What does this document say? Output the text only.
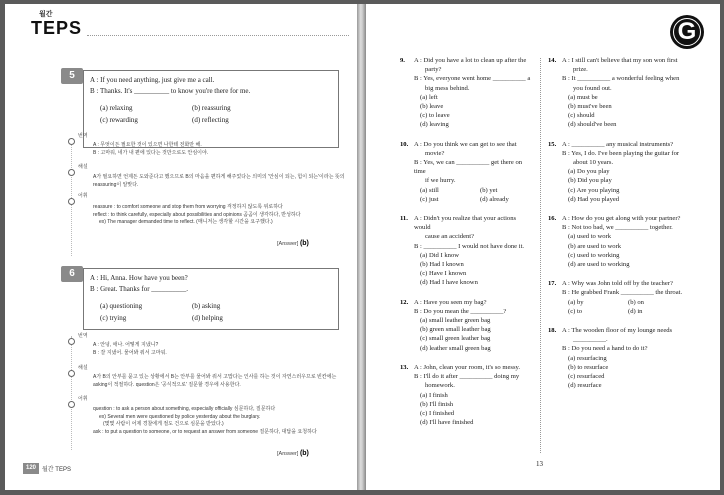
월간
TEPS
5	A : If you need anything, just give me a call.
B : Thanks. It's __________ to know you're there for me.
(a) relaxing	(b) reassuring
(c) rewarding	(d) reflecting
번역
A : 무엇이든 필요한 것이 있으면 나한테 전화만 해.
B : 고마워, 네가 내 편에 있다는 것만으로도 안심이야.
해설
A가 필요하면 언제든 도와준다고 했으므로 B의 마음을 편하게 해주었다는 의미의 '안심이 되는, 힘이 되는'이라는 뜻의
reassuring이 알맞다.
어휘
reassure : to comfort someone and stop them from worrying 걱정하지 않도록 위로하다
reflect : to think carefully, especially about possibilities and opinions 곰곰이 생각하다, 반성하다
ex) The manager demanded time to reflect. (매니저는 생각할 시간을 요구했다.)
[Answer] (b)
6	A : Hi, Anna. How have you been?
B : Great. Thanks for __________.
(a) questioning	(b) asking
(c) trying	(d) helping
번역
A : 안녕, 애나. 어떻게 지냈니?
B : 잘 지냈어. 물어봐 줘서 고마워.
해설
A가 B의 안부를 묻고 있는 상황에서 B는 안부를 물어봐 줘서 고맙다는 인사를 하는 것이 자연스러우므로 빈칸에는
asking이 적절하다. question은 '공식적으로' 질문할 경우에 사용한다.
어휘
question : to ask a person about something, especially officially 심문하다, 질문하다
ex) Several men were questioned by police yesterday about the burglary.
(몇몇 사람이 어제 경찰에게 절도 건으로 심문을 받았다.)
ask : to put a question to someone, or to request an answer from someone 질문하다, 대답을 요청하다
[Answer] (b)
120	월간 TEPS
G
9.	A : Did you have a lot to clean up after the
party?
B : Yes, everyone went home __________ a
big mess behind.
(a) left
(b) leave
(c) to leave
(d) leaving
10. A : Do you think we can get to see that
movie?
B : Yes, we can __________ get there on time
if we hurry.
(a) still	(b) yet
(c) just	(d) already
11. A : Didn't you realize that your actions would
cause an accident?
B : __________ I would not have done it.
(a) Did I know
(b) Had I known
(c) Have I known
(d) Had I have known
12. A : Have you seen my bag?
B : Do you mean the __________?
(a) small leather green bag
(b) green small leather bag
(c) small green leather bag
(d) leather small green bag
13. A : John, clean your room, it's so messy.
B : I'll do it after __________ doing my
homework.
(a) I finish
(b) I'll finish
(c) I finished
(d) I'll have finished
14. A : I still can't believe that my son won first
prize.
B : It __________ a wonderful feeling when
you found out.
(a) must be
(b) must've been
(c) should
(d) should've been
15. A : __________ any musical instruments?
B : Yes, I do. I've been playing the guitar for
about 10 years.
(a) Do you play
(b) Did you play
(c) Are you playing
(d) Had you played
16. A : How do you get along with your partner?
B : Not too bad, we __________ together.
(a) used to work
(b) are used to work
(c) used to working
(d) are used to working
17. A : Why was John told off by the teacher?
B : He grabbed Frank __________ the throat.
(a) by	(b) on
(c) to	(d) in
18. A : The wooden floor of my lounge needs
__________.
B : Do you need a hand to do it?
(a) resurfacing
(b) to resurface
(c) resurfaced
(d) resurface
13
